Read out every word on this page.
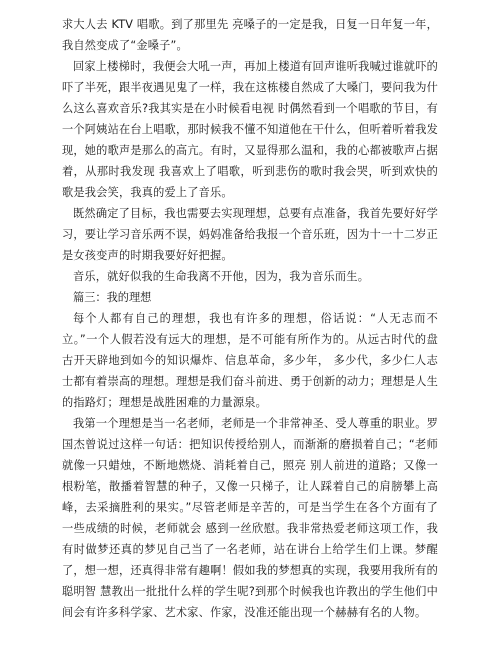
求大人去 KTV 唱歌。到了那里先 亮嗓子的一定是我，日复一日年复一年，我自然变成了“金嗓子”。

回家上楼梯时，我便会大吼一声，再加上楼道有回声谁听我喊过谁就吓的吓了半死，跟半夜遇见鬼了一样，我在这栋楼自然成了大嗓门，要问我为什么这么喜欢音乐?我其实是在小时候看电视 时偶然看到一个唱歌的节目，有一个阿姨站在台上唱歌，那时候我不懂不知道他在干什么，但听着听着我发现，她的歌声是那么的高亢。有时，又显得那么温和，我的心都被歌声占据着，从那时我发现 我喜欢上了唱歌，听到悲伤的歌时我会哭，听到欢快的歌是我会笑，我真的爱上了音乐。

既然确定了目标，我也需要去实现理想，总要有点准备，我首先要好好学习，要让学习音乐两不误，妈妈准备给我报一个音乐班，因为十一十二岁正是女孩变声的时期我要好好把握。

音乐，就好似我的生命我离不开他，因为，我为音乐而生。

篇三：我的理想

每个人都有自己的理想，我也有许多的理想，俗话说：“人无志而不立。”一个人假若没有远大的理想，是不可能有所作为的。从远古时代的盘古开天辟地到如今的知识爆炸、信息革命，多少年， 多少代，多少仁人志士都有着崇高的理想。理想是我们奋斗前进、勇于创新的动力；理想是人生的指路灯；理想是战胜困难的力量源泉。

我第一个理想是当一名老师，老师是一个非常神圣、受人尊重的职业。罗国杰曾说过这样一句话：把知识传授给别人，而渐渐的磨损着自己；“老师就像一只蜡烛，不断地燃烧、消耗着自己，照亮 别人前进的道路；又像一根粉笔，散播着智慧的种子，又像一只梯子，让人踩着自己的肩膀攀上高峰，去采摘胜利的果实。”尽管老师是辛苦的，可是当学生在各个方面有了一些成绩的时候，老师就会 感到一丝欣慰。我非常热爱老师这项工作，我有时做梦还真的梦见自己当了一名老师，站在讲台上给学生们上课。梦醒了，想一想，还真得非常有趣啊！假如我的梦想真的实现，我要用我所有的聪明智 慧教出一批批什么样的学生呢?到那个时候我也许教出的学生他们中间会有许多科学家、艺术家、作家，没准还能出现一个赫赫有名的人物。
